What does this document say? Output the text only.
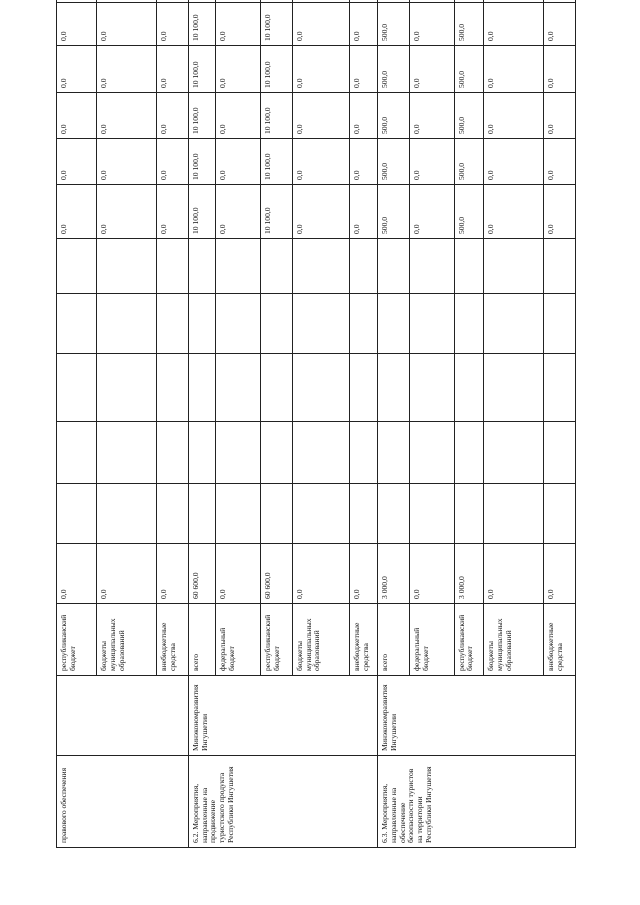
правового обеспечения		республиканский бюджет	0,0						0,0	0,0	0,0	0,0	0,0	
		бюджеты муниципальных образований	0,0						0,0	0,0	0,0	0,0	0,0	
		внебюджетные средства	0,0						0,0	0,0	0,0	0,0	0,0	
6.2. Мероприятия, направленные на продвижение туристского продукта Республики Ингушетия	Минэкономразвития Ингушетии	всего	60 600,0						10 100,0	10 100,0	10 100,0	10 100,0	10 100,0	
		федеральный бюджет	0,0						0,0	0,0	0,0	0,0	0,0	
		республиканский бюджет	60 600,0						10 100,0	10 100,0	10 100,0	10 100,0	10 100,0	
		бюджеты муниципальных образований	0,0						0,0	0,0	0,0	0,0	0,0	
		внебюджетные средства	0,0						0,0	0,0	0,0	0,0	0,0	
6.3. Мероприятия, направленные на обеспечение безопасности туристов на территории Республики Ингушетия	Минэкономразвития Ингушетии	всего	3 000,0						500,0	500,0	500,0	500,0	500,0	
		федеральный бюджет	0,0						0,0	0,0	0,0	0,0	0,0	
		республиканский бюджет	3 000,0						500,0	500,0	500,0	500,0	500,0	
		бюджеты муниципальных образований	0,0						0,0	0,0	0,0	0,0	0,0	
		внебюджетные средства	0,0						0,0	0,0	0,0	0,0	0,0	
